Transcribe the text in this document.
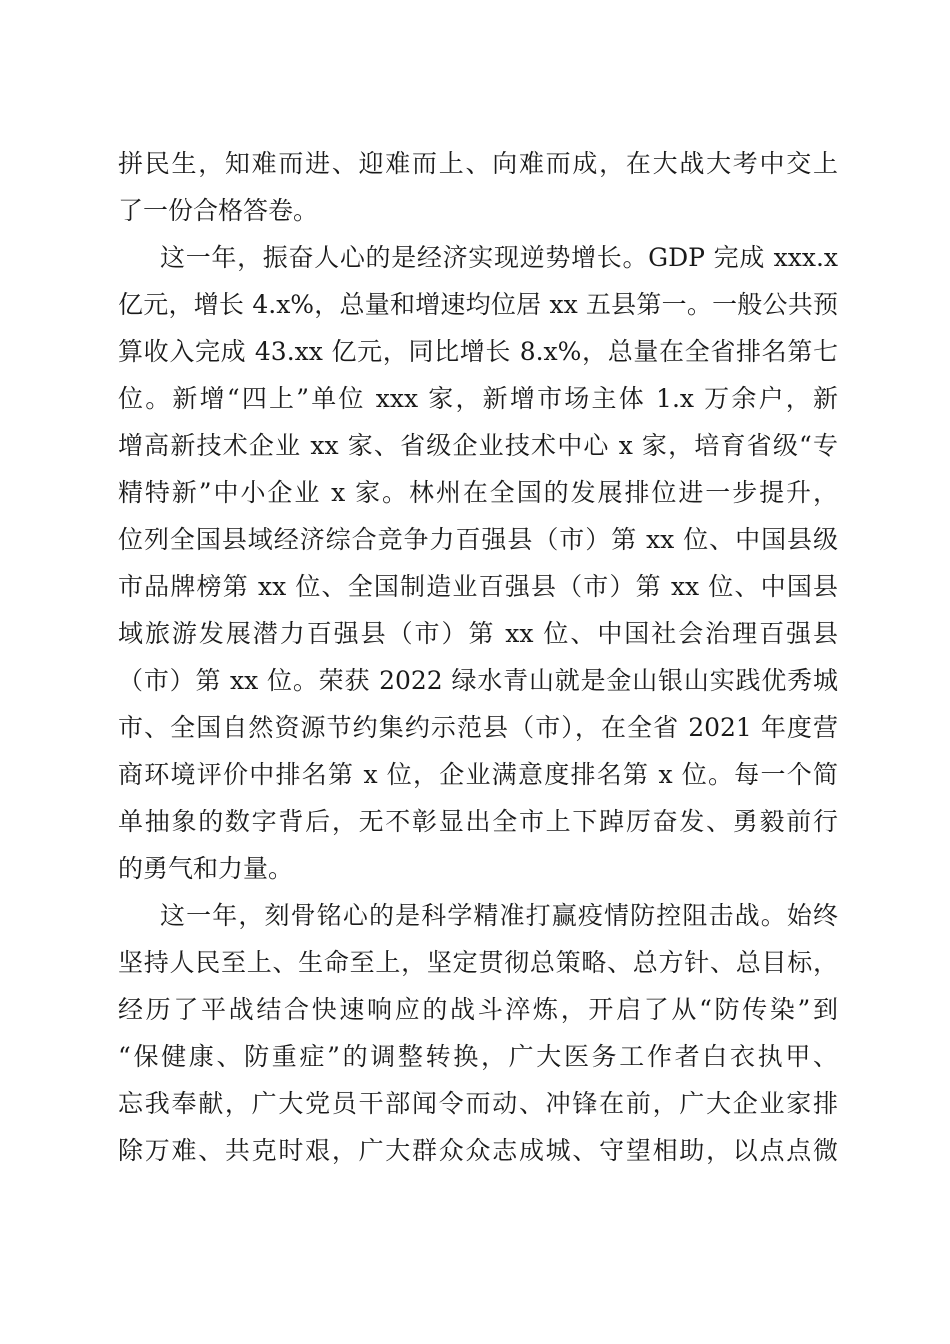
拼民生，知难而进、迎难而上、向难而成，在大战大考中交上
了一份合格答卷。
这一年，振奋人心的是经济实现逆势增长。GDP 完成 xxx.x
亿元，增长 4.x%，总量和增速均位居 xx 五县第一。一般公共预
算收入完成 43.xx 亿元，同比增长 8.x%，总量在全省排名第七
位。新增“四上”单位 xxx 家，新增市场主体 1.x 万余户，新
增高新技术企业 xx 家、省级企业技术中心 x 家，培育省级“专
精特新”中小企业 x 家。林州在全国的发展排位进一步提升，
位列全国县域经济综合竞争力百强县（市）第 xx 位、中国县级
市品牌榜第 xx 位、全国制造业百强县（市）第 xx 位、中国县
域旅游发展潜力百强县（市）第 xx 位、中国社会治理百强县
（市）第 xx 位。荣获 2022 绿水青山就是金山银山实践优秀城
市、全国自然资源节约集约示范县（市），在全省 2021 年度营
商环境评价中排名第 x 位，企业满意度排名第 x 位。每一个简
单抽象的数字背后，无不彰显出全市上下踔厉奋发、勇毅前行
的勇气和力量。
这一年，刻骨铭心的是科学精准打赢疫情防控阻击战。始终
坚持人民至上、生命至上，坚定贯彻总策略、总方针、总目标，
经历了平战结合快速响应的战斗淬炼，开启了从“防传染”到
“保健康、防重症”的调整转换，广大医务工作者白衣执甲、
忘我奉献，广大党员干部闻令而动、冲锋在前，广大企业家排
除万难、共克时艰，广大群众众志成城、守望相助，以点点微
